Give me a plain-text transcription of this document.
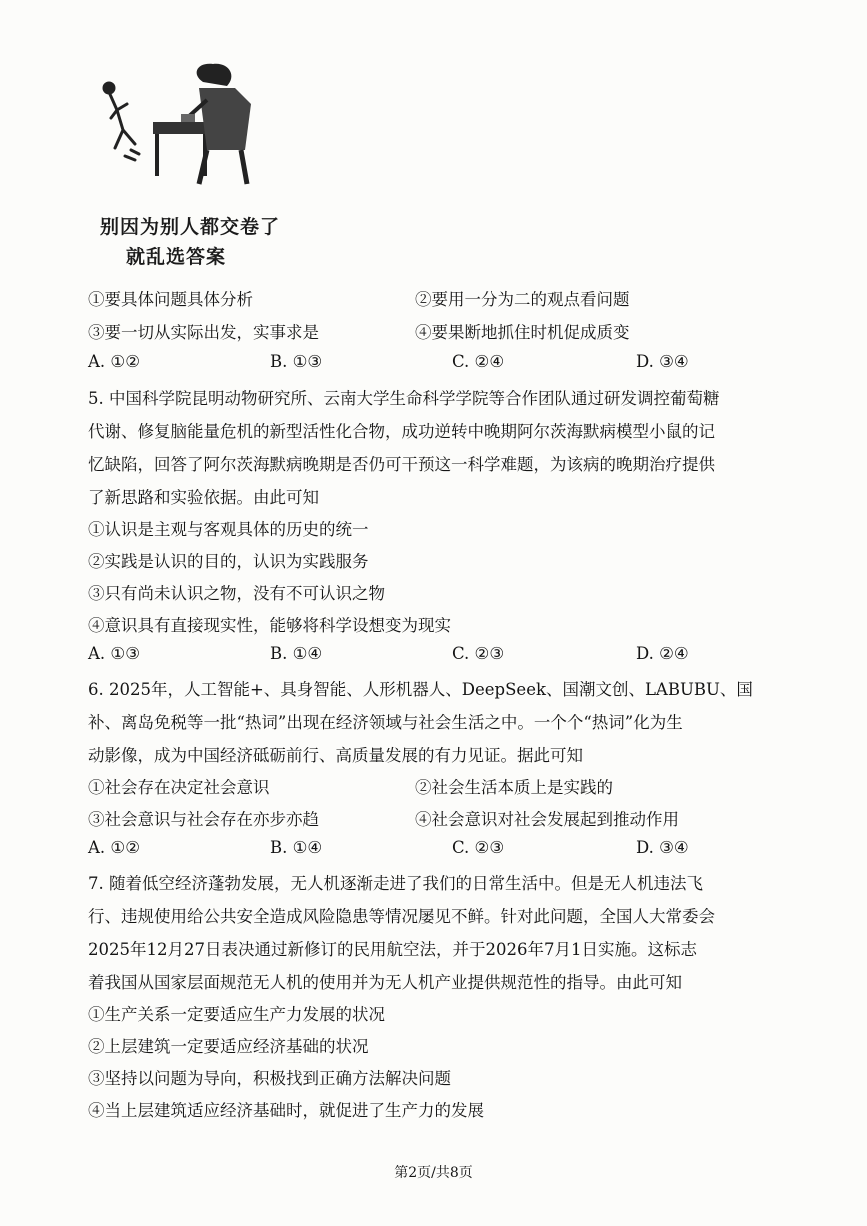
别因为别人都交卷了
就乱选答案
①要具体问题具体分析	②要用一分为二的观点看问题
③要一切从实际出发，实事求是	④要果断地抓住时机促成质变
A. ①②	B. ①③	C. ②④	D. ③④
5. 中国科学院昆明动物研究所、云南大学生命科学学院等合作团队通过研发调控葡萄糖
代谢、修复脑能量危机的新型活性化合物，成功逆转中晚期阿尔茨海默病模型小鼠的记
忆缺陷，回答了阿尔茨海默病晚期是否仍可干预这一科学难题，为该病的晚期治疗提供
了新思路和实验依据。由此可知
①认识是主观与客观具体的历史的统一
②实践是认识的目的，认识为实践服务
③只有尚未认识之物，没有不可认识之物
④意识具有直接现实性，能够将科学设想变为现实
A. ①③	B. ①④	C. ②③	D. ②④
6. 2025年，人工智能+、具身智能、人形机器人、DeepSeek、国潮文创、LABUBU、国
补、离岛免税等一批“热词”出现在经济领域与社会生活之中。一个个“热词”化为生
动影像，成为中国经济砥砺前行、高质量发展的有力见证。据此可知
①社会存在决定社会意识	②社会生活本质上是实践的
③社会意识与社会存在亦步亦趋	④社会意识对社会发展起到推动作用
A. ①②	B. ①④	C. ②③	D. ③④
7. 随着低空经济蓬勃发展，无人机逐渐走进了我们的日常生活中。但是无人机违法飞
行、违规使用给公共安全造成风险隐患等情况屡见不鲜。针对此问题，全国人大常委会
2025年12月27日表决通过新修订的民用航空法，并于2026年7月1日实施。这标志
着我国从国家层面规范无人机的使用并为无人机产业提供规范性的指导。由此可知
①生产关系一定要适应生产力发展的状况
②上层建筑一定要适应经济基础的状况
③坚持以问题为导向，积极找到正确方法解决问题
④当上层建筑适应经济基础时，就促进了生产力的发展
第2页/共8页
